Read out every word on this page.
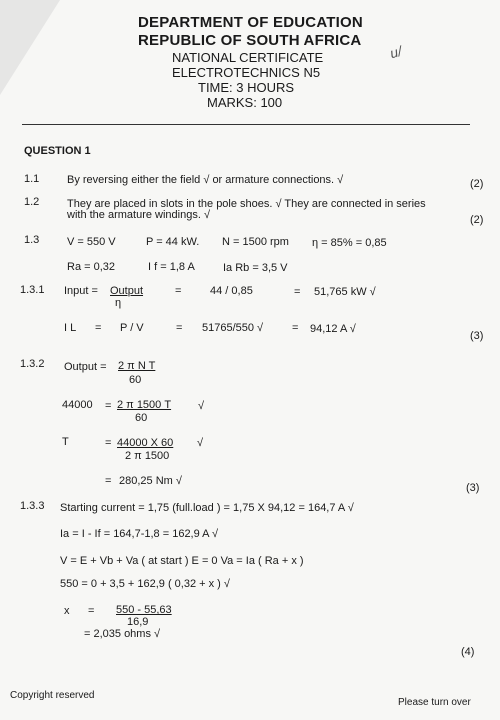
DEPARTMENT OF EDUCATION
REPUBLIC OF SOUTH AFRICA
NATIONAL CERTIFICATE
ELECTROTECHNICS N5
TIME: 3 HOURS
MARKS: 100
u/
QUESTION 1
1.1	By reversing either the field √ or armature connections. √	(2)
1.2	They are placed in slots in the pole shoes. √ They are connected in series
with the armature windings. √	(2)
1.3	V = 550 V	P = 44 kW. N = 1500 rpm η = 85% = 0,85
Ra = 0,32	I f = 1,8 A	Ia Rb = 3,5 V
1.3.1 Input = Output
η
=	44 / 0,85	= 51,765 kW √
I L = P / V	= 51765/550 √	= 94,12 A √
(3)
1.3.2 Output = 2 π N T
60
44000 = 2 π 1500 T
60
√
T	= 44000 X 60
2 π 1500
√
= 280,25 Nm √
(3)
1.3.3 Starting current = 1,75 (full.load ) = 1,75 X 94,12 = 164,7 A √
Ia = I - If = 164,7-1,8 = 162,9 A √
V = E + Vb + Va ( at start ) E = 0 Va = Ia ( Ra + x )
550 = 0 + 3,5 + 162,9 ( 0,32 + x ) √
x = 550 - 55,63
16,9
= 2,035 ohms √
(4)
Copyright reserved
Please turn over
